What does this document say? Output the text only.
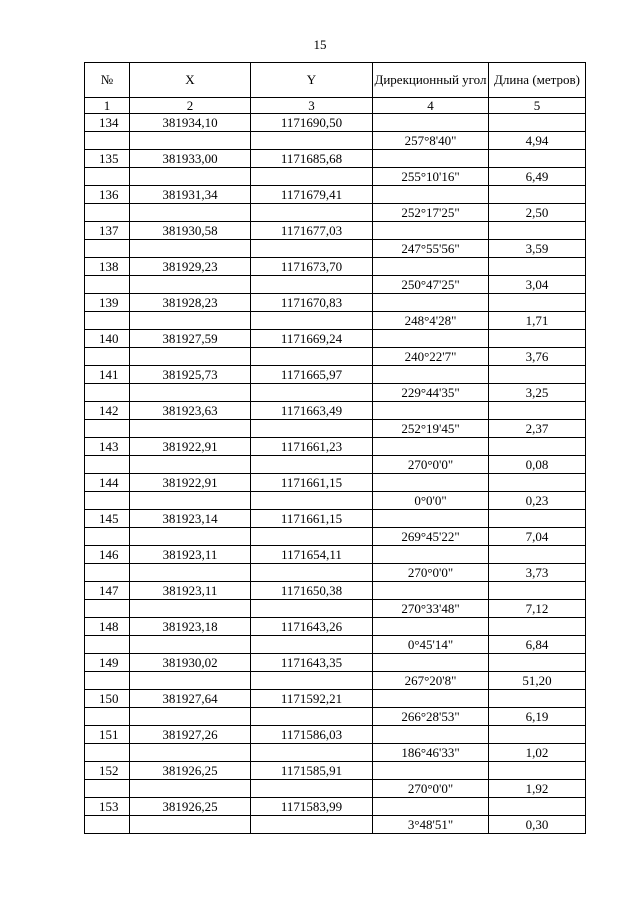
15
№	X	Y	Дирекционный угол	Длина (метров)
1	2	3	4	5
134	381934,10	1171690,50		
			257°8'40"	4,94
135	381933,00	1171685,68		
			255°10'16"	6,49
136	381931,34	1171679,41		
			252°17'25"	2,50
137	381930,58	1171677,03		
			247°55'56"	3,59
138	381929,23	1171673,70		
			250°47'25"	3,04
139	381928,23	1171670,83		
			248°4'28"	1,71
140	381927,59	1171669,24		
			240°22'7"	3,76
141	381925,73	1171665,97		
			229°44'35"	3,25
142	381923,63	1171663,49		
			252°19'45"	2,37
143	381922,91	1171661,23		
			270°0'0"	0,08
144	381922,91	1171661,15		
			0°0'0"	0,23
145	381923,14	1171661,15		
			269°45'22"	7,04
146	381923,11	1171654,11		
			270°0'0"	3,73
147	381923,11	1171650,38		
			270°33'48"	7,12
148	381923,18	1171643,26		
			0°45'14"	6,84
149	381930,02	1171643,35		
			267°20'8"	51,20
150	381927,64	1171592,21		
			266°28'53"	6,19
151	381927,26	1171586,03		
			186°46'33"	1,02
152	381926,25	1171585,91		
			270°0'0"	1,92
153	381926,25	1171583,99		
			3°48'51"	0,30
